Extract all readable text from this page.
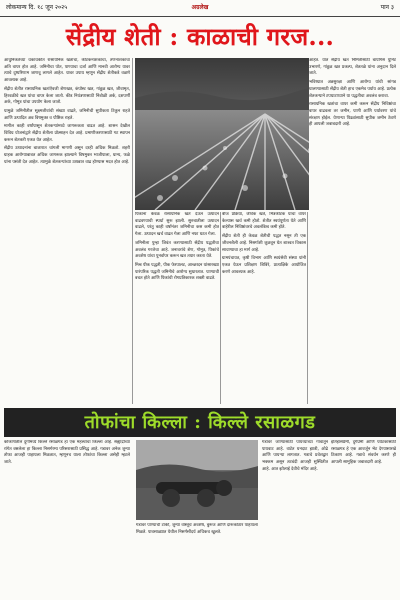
लोकमान्य दि. १८ जून २०२५	अग्रलेख	पान ३
सेंद्रीय शेती : काळाची गरज...

आधुनिकतेच्या धकाधकीत रासायनिक खतांचा, कीटकनाशकांचा, तणनाशकांचा अति वापर होत आहे. जमिनीचा पोत, पाण्याचा दर्जा आणि मानवी आरोग्य यावर त्याचे दुष्परिणाम जाणवू लागले आहेत. यावर उपाय म्हणून सेंद्रीय शेतीकडे वळणे आवश्यक आहे.

सेंद्रीय शेतीत रासायनिक खतांऐवजी शेणखत, कंपोस्ट खत, गांडूळ खत, जीवामृत, हिरवळीचे खत यांचा वापर केला जातो. कीड नियंत्रणासाठी निंबोळी अर्क, दशपर्णी अर्क, गोमूत्र यांचा उपयोग केला जातो.

यामुळे जमिनीतील सूक्ष्मजीवांची संख्या वाढते, जमिनीची सुपीकता टिकून राहते आणि उत्पादित अन्न विषमुक्त व पौष्टिक राहते.

मागील काही वर्षांपासून शेतकऱ्यांमध्ये जागरूकता वाढत आहे. शासन देखील विविध योजनांद्वारे सेंद्रीय शेतीला प्रोत्साहन देत आहे. प्रमाणीकरणासाठी गट स्थापन करून शेतकरी एकत्र येत आहेत.

सेंद्रीय उत्पादनांना बाजारात चांगली मागणी असून दरही अधिक मिळतो. शहरी ग्राहक आरोग्याबाबत अधिक जागरूक झाल्याने विषमुक्त भाजीपाला, धान्य, फळे यांना पसंती देत आहेत. त्यामुळे शेतकऱ्यांच्या उत्पन्नात वाढ होण्यास मदत होत आहे.

पिकांना केवळ रासायनिक खते देऊन उत्पादन वाढवण्याची स्पर्धा सुरू झाली. सुरुवातीला उत्पादन वाढले, परंतु काही वर्षांनंतर जमिनीचा कस कमी होत गेला. उत्पादन खर्च वाढत गेला आणि नफा घटत गेला.

जमिनीला पुन्हा जिवंत करण्यासाठी सेंद्रीय पद्धतीचा अवलंब गरजेचा आहे. जनावरांचे शेण, गोमूत्र, पिकांचे अवशेष यांचा पुनर्वापर करून खत तयार करता येते.

मिश्र पीक पद्धती, पीक फेरपालट, आच्छादन यांसारख्या पारंपरिक पद्धती जमिनीचे आरोग्य सुधारतात. पाण्याची बचत होते आणि पिकांची रोगप्रतिकारक शक्ती वाढते.

बीज प्रक्रिया, जैविक खते, मित्रकीटक यांचा वापर केल्यास खर्च कमी होतो. शेतीत स्वयंपूर्णता येते आणि बाहेरील निविष्ठांवरचे अवलंबित्व कमी होते.

सेंद्रीय शेती ही केवळ शेतीची पद्धत नसून ती एक जीवनशैली आहे. निसर्गाशी जुळवून घेत शाश्वत विकास साधण्याचा हा मार्ग आहे.

ग्रामपंचायत, कृषी विभाग आणि स्वयंसेवी संस्था यांनी एकत्र येऊन प्रशिक्षण शिबिरे, प्रात्यक्षिके आयोजित करणे आवश्यक आहे.

आहेत. यात सेंद्रीय खत निर्मितीसाठी बायोगॅस युनिट उभारणे, गांडूळ खत प्रकल्प, शेततळे यांना अनुदान दिले जाते.

भविष्यात अन्नसुरक्षा आणि आरोग्य यांची सांगड घालण्यासाठी सेंद्रीय शेती हाच एकमेव पर्याय आहे. प्रत्येक शेतकऱ्याने टप्प्याटप्प्याने या पद्धतीचा अवलंब करावा.

रासायनिक खतांचा वापर कमी करून सेंद्रीय निविष्ठांचा वापर वाढवला तर जमीन, पाणी आणि पर्यावरण यांचे संरक्षण होईल. येणाऱ्या पिढ्यांसाठी सुपीक जमीन ठेवणे ही आपली जबाबदारी आहे.

तोफांचा किल्ला : किल्ले रसाळगड

कोकणातील दुर्गांमध्ये किल्ले रसाळगड हा एक महत्त्वाचा किल्ला आहे. सह्याद्रीच्या रांगेत वसलेला हा किल्ला निसर्गरम्य परिसरासाठी प्रसिद्ध आहे. गडावर अनेक जुन्या तोफा आजही पाहायला मिळतात, म्हणूनच याला तोफांचा किल्ला असेही म्हटले जाते.

गडावर जाण्यासाठी पायथ्याच्या गावातून पायवाट आहे. वाटेत घनदाट झाडी, ओढे आणि पायऱ्या लागतात. गडाचे प्रवेशद्वार भक्कम असून तटबंदी आजही सुस्थितीत आहे. आत झोलाई देवीचे मंदिर आहे.

गडावर पाण्याची टाकी, जुन्या वास्तूंचे अवशेष, बुरूज आणि दारूकोठार पाहायला मिळते. पावसाळ्यात येथील निसर्गसौंदर्य अधिकच खुलते.

इतिहासप्रेमी, दुर्गप्रेमी आणि पर्यटकांसाठी रसाळगड हे एक आवर्जून भेट देण्यासारखे ठिकाण आहे. गडाचे संवर्धन करणे ही आपली सामूहिक जबाबदारी आहे.
